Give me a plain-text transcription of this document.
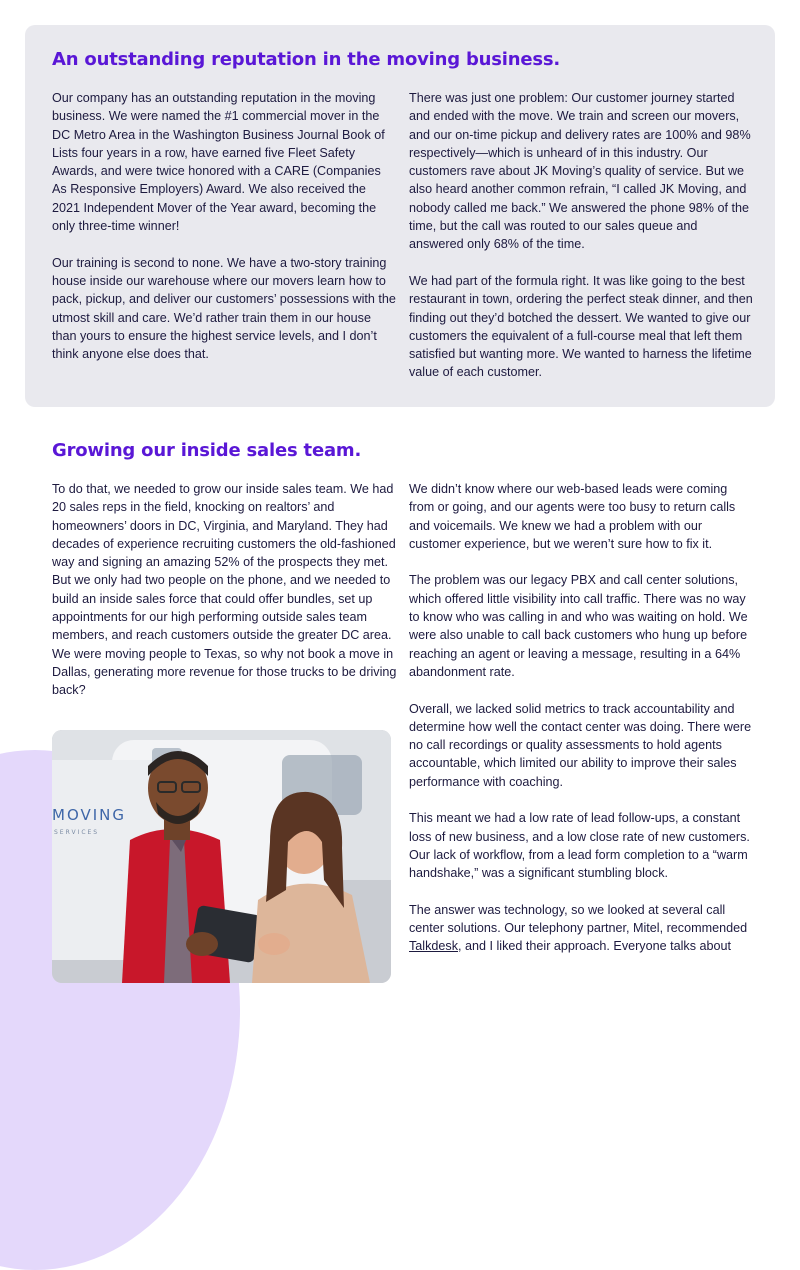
An outstanding reputation in the moving business.

Our company has an outstanding reputation in the moving business. We were named the #1 commercial mover in the DC Metro Area in the Washington Business Journal Book of Lists four years in a row, have earned five Fleet Safety Awards, and were twice honored with a CARE (Companies As Responsive Employers) Award. We also received the 2021 Independent Mover of the Year award, becoming the only three-time winner!

Our training is second to none. We have a two-story training house inside our warehouse where our movers learn how to pack, pickup, and deliver our customers’ possessions with the utmost skill and care. We’d rather train them in our house than yours to ensure the highest service levels, and I don’t think anyone else does that.

There was just one problem: Our customer journey started and ended with the move. We train and screen our movers, and our on-time pickup and delivery rates are 100% and 98% respectively—which is unheard of in this industry. Our customers rave about JK Moving’s quality of service. But we also heard another common refrain, “I called JK Moving, and nobody called me back.” We answered the phone 98% of the time, but the call was routed to our sales queue and answered only 68% of the time.

We had part of the formula right. It was like going to the best restaurant in town, ordering the perfect steak dinner, and then finding out they’d botched the dessert. We wanted to give our customers the equivalent of a full-course meal that left them satisfied but wanting more. We wanted to harness the lifetime value of each customer.

Growing our inside sales team.

To do that, we needed to grow our inside sales team. We had 20 sales reps in the field, knocking on realtors’ and homeowners’ doors in DC, Virginia, and Maryland. They had decades of experience recruiting customers the old-fashioned way and signing an amazing 52% of the prospects they met. But we only had two people on the phone, and we needed to build an inside sales force that could offer bundles, set up appointments for our high performing outside sales team members, and reach customers outside the greater DC area. We were moving people to Texas, so why not book a move in Dallas, generating more revenue for those trucks to be driving back?

MOVING
SERVICES

We didn’t know where our web-based leads were coming from or going, and our agents were too busy to return calls and voicemails. We knew we had a problem with our customer experience, but we weren’t sure how to fix it.

The problem was our legacy PBX and call center solutions, which offered little visibility into call traffic. There was no way to know who was calling in and who was waiting on hold. We were also unable to call back customers who hung up before reaching an agent or leaving a message, resulting in a 64% abandonment rate.

Overall, we lacked solid metrics to track accountability and determine how well the contact center was doing. There were no call recordings or quality assessments to hold agents accountable, which limited our ability to improve their sales performance with coaching.

This meant we had a low rate of lead follow-ups, a constant loss of new business, and a low close rate of new customers. Our lack of workflow, from a lead form completion to a “warm handshake,” was a significant stumbling block.

The answer was technology, so we looked at several call center solutions. Our telephony partner, Mitel, recommended Talkdesk, and I liked their approach. Everyone talks about
